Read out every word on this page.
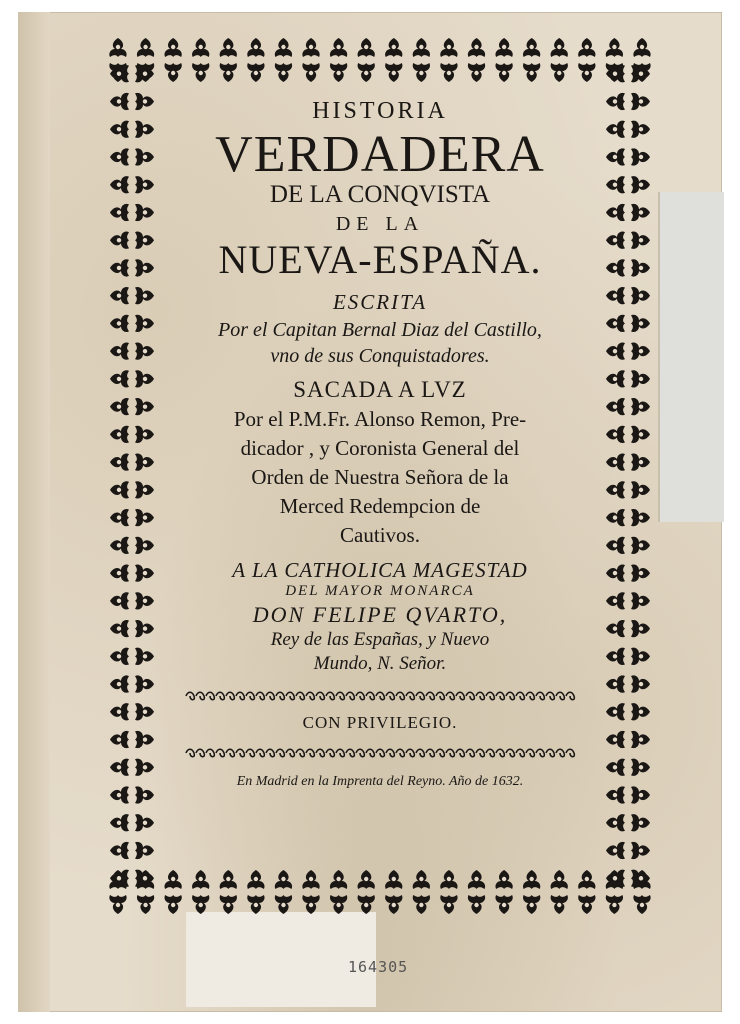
HISTORIA
VERDADERA
DE LA CONQVISTA
DE LA
NUEVA-ESPAÑA.
ESCRITA
Por el Capitan Bernal Diaz del Castillo,
vno de sus Conquistadores.
SACADA A LVZ
Por el P.M.Fr. Alonso Remon, Pre-
dicador , y Coronista General del
Orden de Nuestra Señora de la
Merced Redempcion de
Cautivos.
A LA CATHOLICA MAGESTAD
DEL MAYOR MONARCA
DON FELIPE QVARTO,
Rey de las Españas, y Nuevo
Mundo, N. Señor.
CON PRIVILEGIO.
En Madrid en la Imprenta del Reyno. Año de 1632.
164305
